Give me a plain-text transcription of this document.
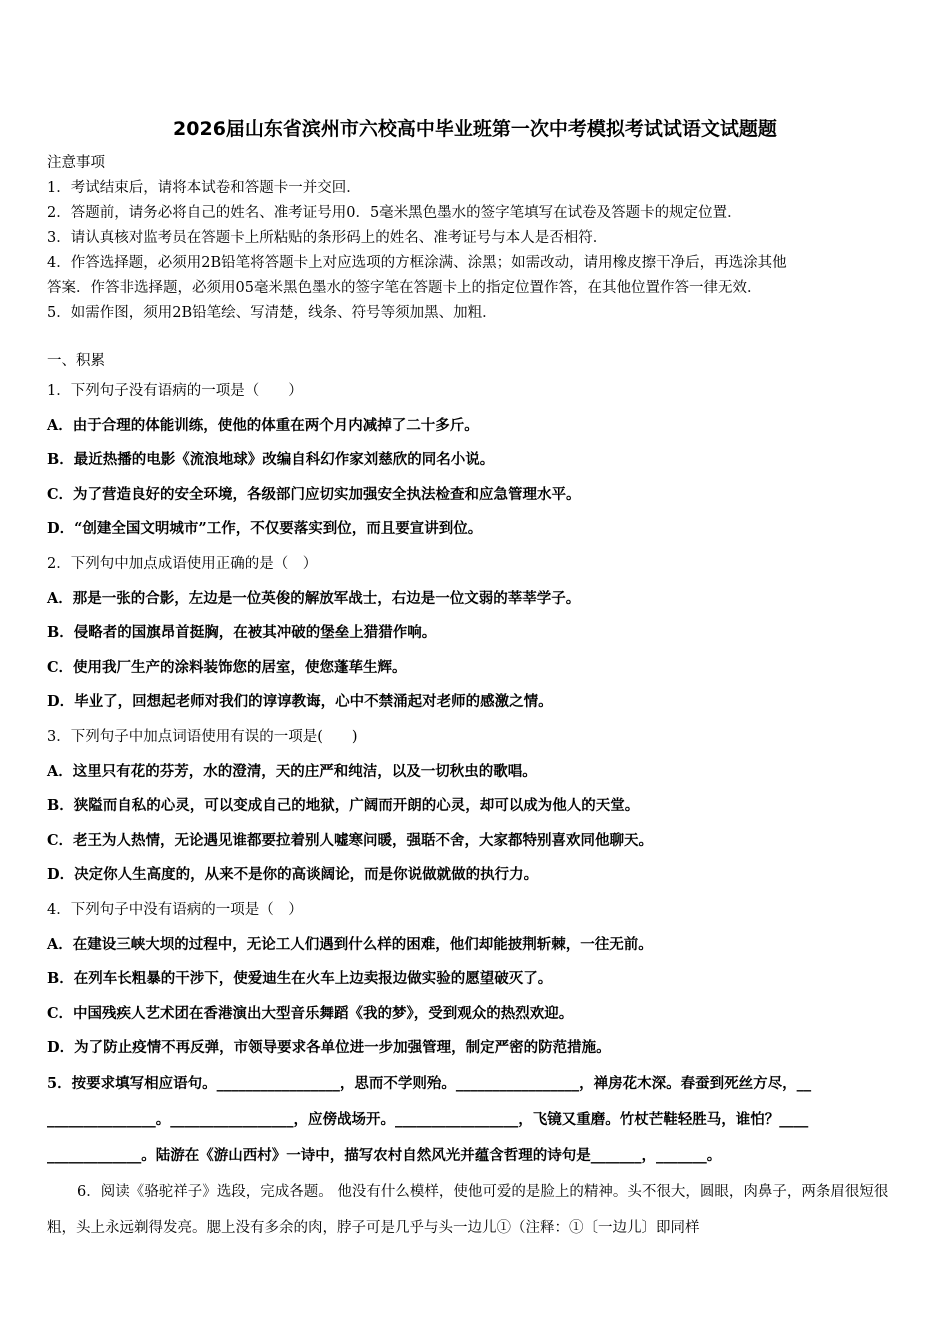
2026届山东省滨州市六校高中毕业班第一次中考模拟考试试语文试题题
注意事项
1．考试结束后，请将本试卷和答题卡一并交回．
2．答题前，请务必将自己的姓名、准考证号用0．5毫米黑色墨水的签字笔填写在试卷及答题卡的规定位置．
3．请认真核对监考员在答题卡上所粘贴的条形码上的姓名、准考证号与本人是否相符．
4．作答选择题，必须用2B铅笔将答题卡上对应选项的方框涂满、涂黑；如需改动，请用橡皮擦干净后，再选涂其他
答案．作答非选择题，必须用05毫米黑色墨水的签字笔在答题卡上的指定位置作答，在其他位置作答一律无效．
5．如需作图，须用2B铅笔绘、写清楚，线条、符号等须加黑、加粗．
一、积累
1．下列句子没有语病的一项是（　　）
A．由于合理的体能训练，使他的体重在两个月内减掉了二十多斤。
B．最近热播的电影《流浪地球》改编自科幻作家刘慈欣的同名小说。
C．为了营造良好的安全环境，各级部门应切实加强安全执法检查和应急管理水平。
D．“创建全国文明城市”工作，不仅要落实到位，而且要宣讲到位。
2．下列句中加点成语使用正确的是（　）
A．那是一张的合影，左边是一位英俊的解放军战士，右边是一位文弱的莘莘学子。
B．侵略者的国旗昂首挺胸，在被其冲破的堡垒上猎猎作响。
C．使用我厂生产的涂料装饰您的居室，使您蓬荜生辉。
D．毕业了，回想起老师对我们的谆谆教诲，心中不禁涌起对老师的感激之情。
3．下列句子中加点词语使用有误的一项是(　　)
A．这里只有花的芬芳，水的澄清，天的庄严和纯洁，以及一切秋虫的歌唱。
B．狭隘而自私的心灵，可以变成自己的地狱，广阔而开朗的心灵，却可以成为他人的天堂。
C．老王为人热情，无论遇见谁都要拉着别人嘘寒问暖，强聒不舍，大家都特别喜欢同他聊天。
D．决定你人生高度的，从来不是你的高谈阔论，而是你说做就做的执行力。
4．下列句子中没有语病的一项是（　）
A．在建设三峡大坝的过程中，无论工人们遇到什么样的困难，他们却能披荆斩棘，一往无前。
B．在列车长粗暴的干涉下，使爱迪生在火车上边卖报边做实验的愿望破灭了。
C．中国残疾人艺术团在香港演出大型音乐舞蹈《我的梦》，受到观众的热烈欢迎。
D．为了防止疫情不再反弹，市领导要求各单位进一步加强管理，制定严密的防范措施。
5．按要求填写相应语句。_________________，思而不学则殆。_________________，禅房花木深。春蚕到死丝方尽，__
_______________。_________________，应傍战场开。_________________，飞镜又重磨。竹杖芒鞋轻胜马，谁怕？____
_____________。陆游在《游山西村》一诗中，描写农村自然风光并蕴含哲理的诗句是_______，_______。
6．阅读《骆驼祥子》选段，完成各题。 他没有什么模样，使他可爱的是脸上的精神。头不很大，圆眼，肉鼻子，两条眉很短很粗，头上永远剃得发亮。腮上没有多余的肉，脖子可是几乎与头一边儿①（注释：①〔一边儿〕即同样
